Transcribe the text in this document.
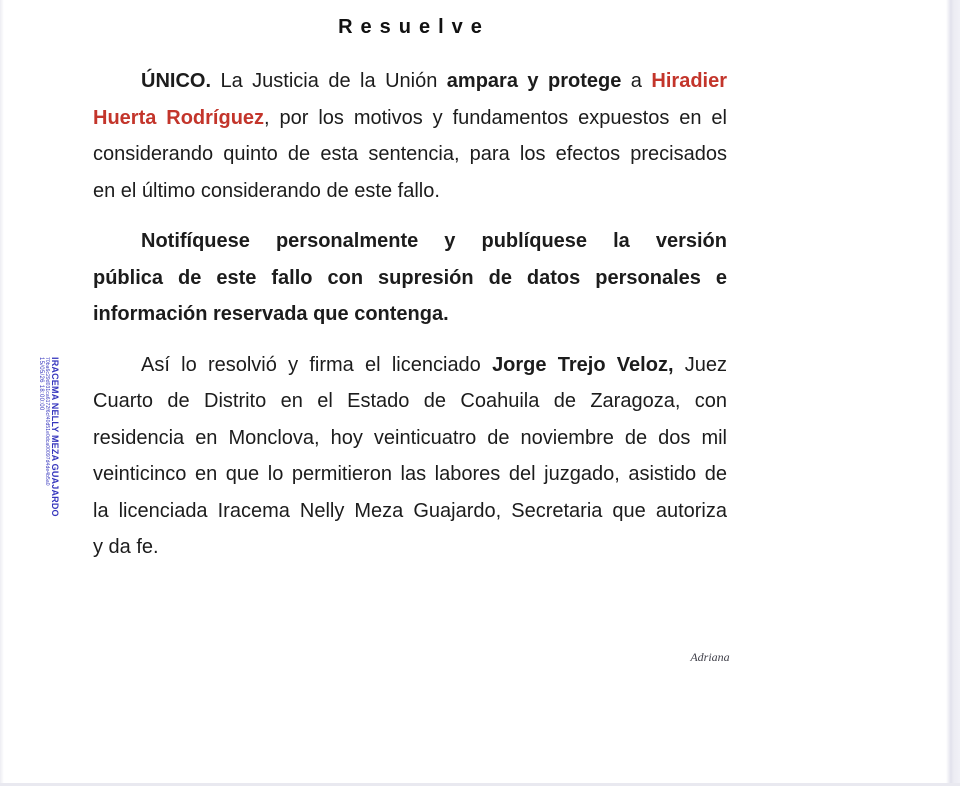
Resuelve
ÚNICO. La Justicia de la Unión ampara y protege a Hiradier
Huerta Rodríguez, por los motivos y fundamentos expuestos en el
considerando quinto de esta sentencia, para los efectos precisados
en el último considerando de este fallo.
Notifíquese personalmente y publíquese la versión
pública de este fallo con supresión de datos personales e
información reservada que contenga.
Así lo resolvió y firma el licenciado Jorge Trejo Veloz, Juez
Cuarto de Distrito en el Estado de Coahuila de Zaragoza, con
residencia en Monclova, hoy veinticuatro de noviembre de dos mil
veinticinco en que lo permitieron las labores del juzgado, asistido de
la licenciada Iracema Nelly Meza Guajardo, Secretaria que autoriza
y da fe.
IRACEMA NELLY MEZA GUAJARDO
70ba6c29d031ca6172f6cf40d51e0dca00097d4de4b5a0
15/05/26 18:00:00
Adriana
